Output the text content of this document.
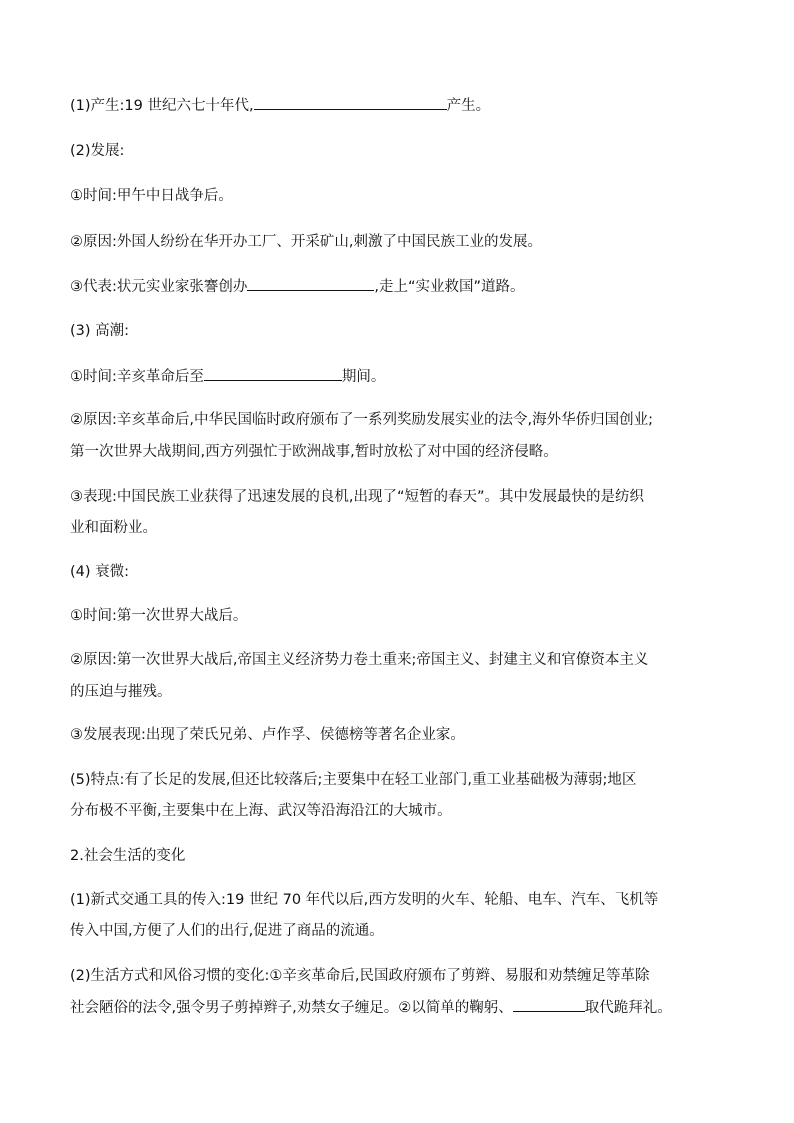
(1)产生:19 世纪六七十年代,	产生。
(2)发展:
①时间:甲午中日战争后。
②原因:外国人纷纷在华开办工厂、开采矿山,刺激了中国民族工业的发展。
③代表:状元实业家张謇创办	,走上“实业救国”道路。
(3) 高潮:
①时间:辛亥革命后至	期间。
②原因:辛亥革命后,中华民国临时政府颁布了一系列奖励发展实业的法令,海外华侨归国创业;
第一次世界大战期间,西方列强忙于欧洲战事,暂时放松了对中国的经济侵略。
③表现:中国民族工业获得了迅速发展的良机,出现了“短暂的春天”。其中发展最快的是纺织
业和面粉业。
(4) 衰微:
①时间:第一次世界大战后。
②原因:第一次世界大战后,帝国主义经济势力卷土重来;帝国主义、封建主义和官僚资本主义
的压迫与摧残。
③发展表现:出现了荣氏兄弟、卢作孚、侯德榜等著名企业家。
(5)特点:有了长足的发展,但还比较落后;主要集中在轻工业部门,重工业基础极为薄弱;地区
分布极不平衡,主要集中在上海、武汉等沿海沿江的大城市。
2.社会生活的变化
(1)新式交通工具的传入:19 世纪 70 年代以后,西方发明的火车、轮船、电车、汽车、飞机等
传入中国,方便了人们的出行,促进了商品的流通。
(2)生活方式和风俗习惯的变化:①辛亥革命后,民国政府颁布了剪辫、易服和劝禁缠足等革除
社会陋俗的法令,强令男子剪掉辫子,劝禁女子缠足。②以简单的鞠躬、	取代跪拜礼。
